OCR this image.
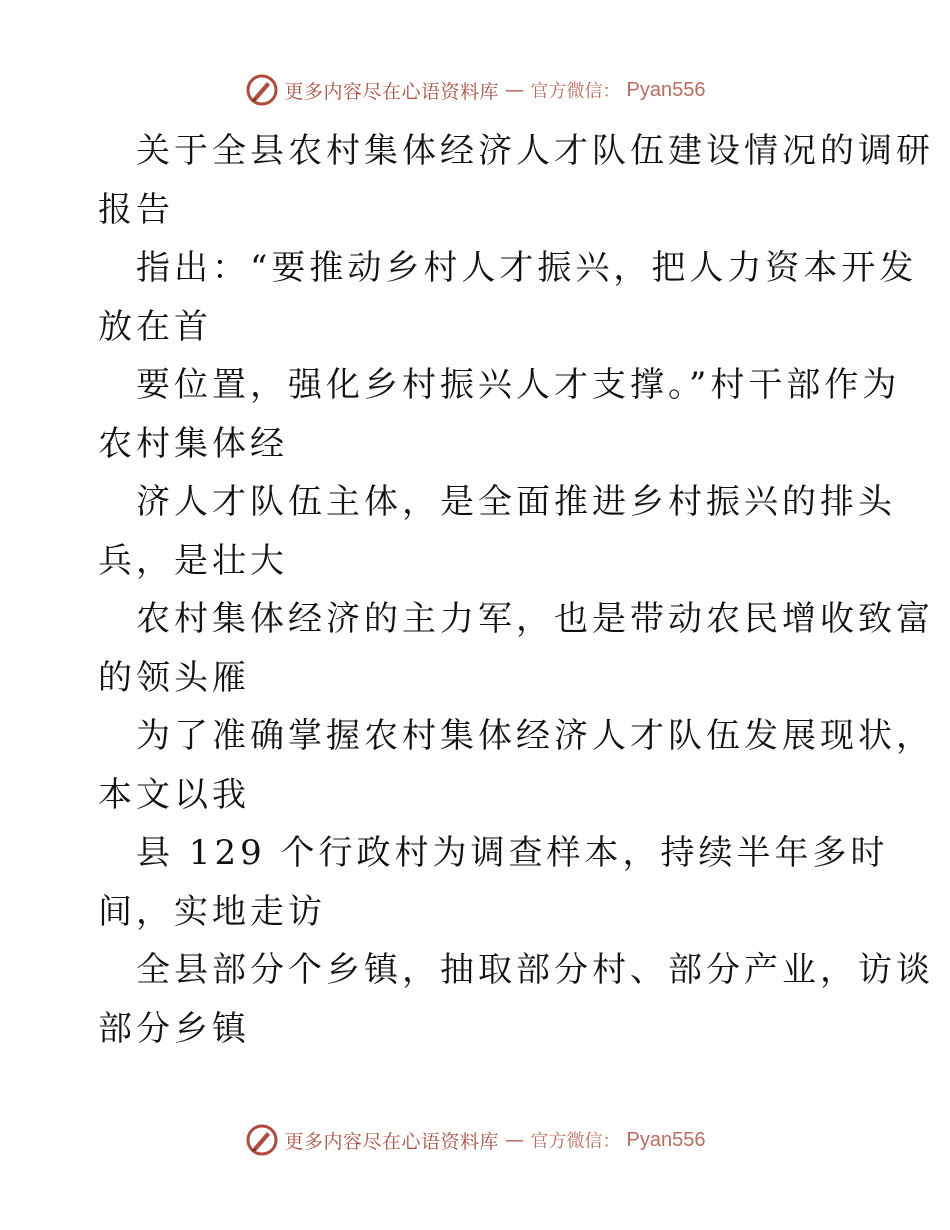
更多内容尽在心语资料库 — 官方微信： Pyan556
关于全县农村集体经济人才队伍建设情况的调研
报告
指出：“要推动乡村人才振兴，把人力资本开发
放在首
要位置，强化乡村振兴人才支撑。”村干部作为
农村集体经
济人才队伍主体，是全面推进乡村振兴的排头
兵，是壮大
农村集体经济的主力军，也是带动农民增收致富
的领头雁
为了准确掌握农村集体经济人才队伍发展现状，
本文以我
县 129 个行政村为调查样本，持续半年多时
间，实地走访
全县部分个乡镇，抽取部分村、部分产业，访谈
部分乡镇
更多内容尽在心语资料库 — 官方微信： Pyan556
